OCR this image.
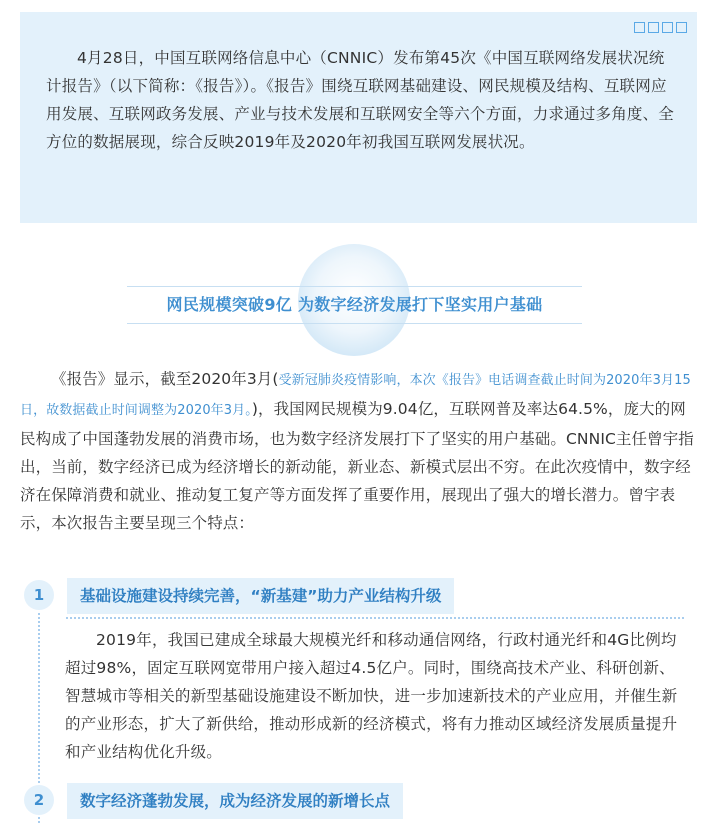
4月28日，中国互联网络信息中心（CNNIC）发布第45次《中国互联网络发展状况统计报告》（以下简称：《报告》）。《报告》围绕互联网基础建设、网民规模及结构、互联网应用发展、互联网政务发展、产业与技术发展和互联网安全等六个方面，力求通过多角度、全方位的数据展现，综合反映2019年及2020年初我国互联网发展状况。
网民规模突破9亿 为数字经济发展打下坚实用户基础
《报告》显示，截至2020年3月(受新冠肺炎疫情影响，本次《报告》电话调查截止时间为2020年3月15日，故数据截止时间调整为2020年3月。)，我国网民规模为9.04亿，互联网普及率达64.5%，庞大的网民构成了中国蓬勃发展的消费市场，也为数字经济发展打下了坚实的用户基础。CNNIC主任曾宇指出，当前，数字经济已成为经济增长的新动能，新业态、新模式层出不穷。在此次疫情中，数字经济在保障消费和就业、推动复工复产等方面发挥了重要作用，展现出了强大的增长潜力。曾宇表示，本次报告主要呈现三个特点：
1	基础设施建设持续完善，“新基建”助力产业结构升级
2019年，我国已建成全球最大规模光纤和移动通信网络，行政村通光纤和4G比例均超过98%，固定互联网宽带用户接入超过4.5亿户。同时，围绕高技术产业、科研创新、智慧城市等相关的新型基础设施建设不断加快，进一步加速新技术的产业应用，并催生新的产业形态，扩大了新供给，推动形成新的经济模式，将有力推动区域经济发展质量提升和产业结构优化升级。
2	数字经济蓬勃发展，成为经济发展的新增长点
